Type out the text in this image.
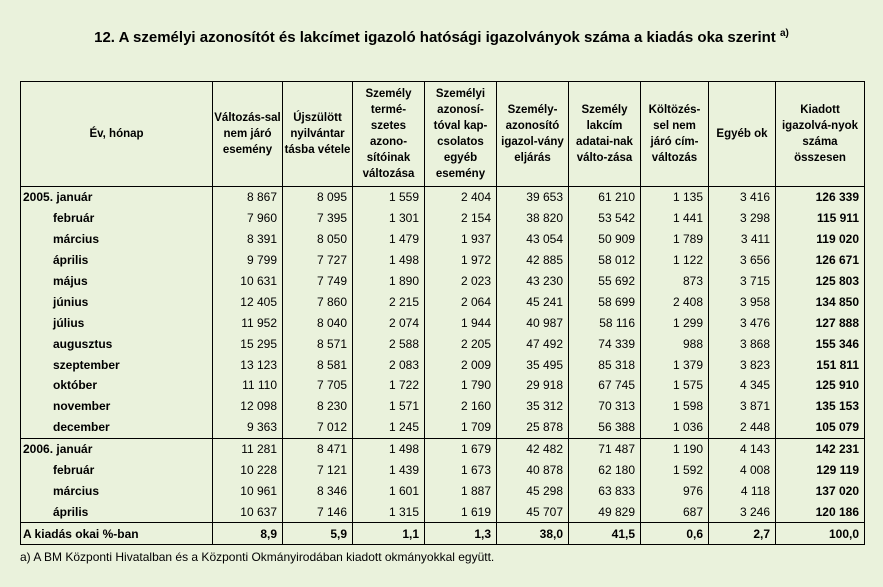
12. A személyi azonosítót és lakcímet igazoló hatósági igazolványok száma a kiadás oka szerint $^{a)}$
Év, hónap	Változás-sal nem járó esemény	Újszülött nyilvántar tásba vétele	Személy termé-szetes azono-sítóinak változása	Személyi azonosí-tóval kap-csolatos egyéb esemény	Személy-azonosító igazol-vány eljárás	Személy lakcím adatai-nak válto-zása	Költözés-sel nem járó cím-változás	Egyéb ok	Kiadott igazolvá-nyok száma összesen
2005. január	8 867	8 095	1 559	2 404	39 653	61 210	1 135	3 416	126 339
február	7 960	7 395	1 301	2 154	38 820	53 542	1 441	3 298	115 911
március	8 391	8 050	1 479	1 937	43 054	50 909	1 789	3 411	119 020
április	9 799	7 727	1 498	1 972	42 885	58 012	1 122	3 656	126 671
május	10 631	7 749	1 890	2 023	43 230	55 692	873	3 715	125 803
június	12 405	7 860	2 215	2 064	45 241	58 699	2 408	3 958	134 850
július	11 952	8 040	2 074	1 944	40 987	58 116	1 299	3 476	127 888
augusztus	15 295	8 571	2 588	2 205	47 492	74 339	988	3 868	155 346
szeptember	13 123	8 581	2 083	2 009	35 495	85 318	1 379	3 823	151 811
október	11 110	7 705	1 722	1 790	29 918	67 745	1 575	4 345	125 910
november	12 098	8 230	1 571	2 160	35 312	70 313	1 598	3 871	135 153
december	9 363	7 012	1 245	1 709	25 878	56 388	1 036	2 448	105 079
2006. január	11 281	8 471	1 498	1 679	42 482	71 487	1 190	4 143	142 231
február	10 228	7 121	1 439	1 673	40 878	62 180	1 592	4 008	129 119
március	10 961	8 346	1 601	1 887	45 298	63 833	976	4 118	137 020
április	10 637	7 146	1 315	1 619	45 707	49 829	687	3 246	120 186
A kiadás okai %-ban	8,9	5,9	1,1	1,3	38,0	41,5	0,6	2,7	100,0
a) A BM Központi Hivatalban és a Központi Okmányirodában kiadott okmányokkal együtt.
